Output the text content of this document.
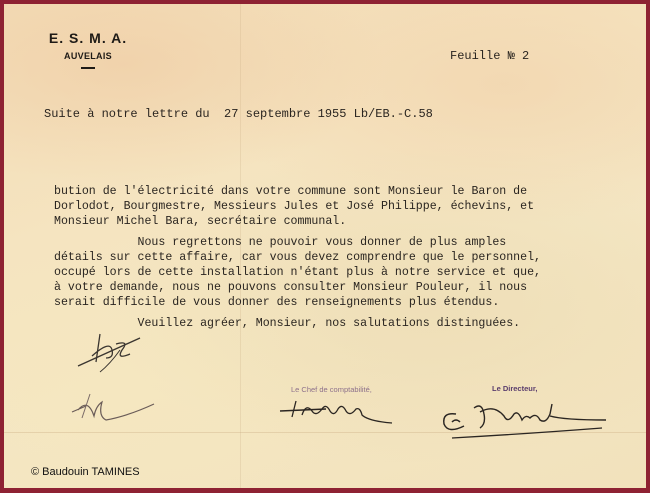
E. S. M. A.
AUVELAIS	Feuille № 2
Suite à notre lettre du  27 septembre 1955 Lb/EB.-C.58
bution de l'électricité dans votre commune sont Monsieur le Baron de
Dorlodot, Bourgmestre, Messieurs Jules et José Philippe, échevins, et
Monsieur Michel Bara, secrétaire communal.
Nous regrettons ne pouvoir vous donner de plus amples
détails sur cette affaire, car vous devez comprendre que le personnel,
occupé lors de cette installation n'étant plus à notre service et que,
à votre demande, nous ne pouvons consulter Monsieur Pouleur, il nous
serait difficile de vous donner des renseignements plus étendus.
Veuillez agréer, Monsieur, nos salutations distinguées.
Le Chef de comptabilité,	Le Directeur,
© Baudouin TAMINES
